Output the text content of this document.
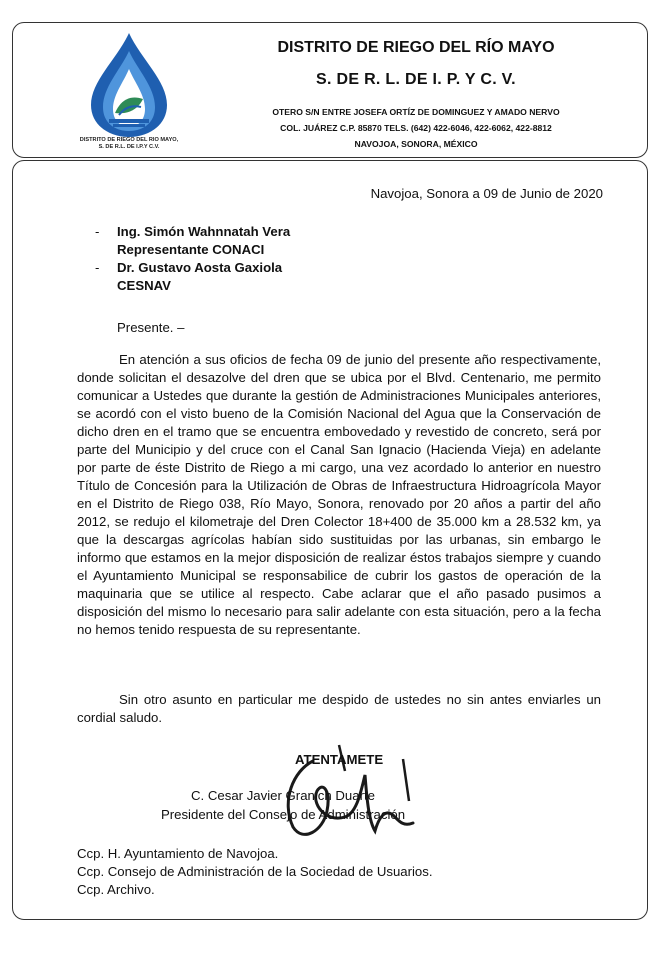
DISTRITO DE RIEGO DEL RIO MAYO,
S. DE R.L. DE I.P.Y C.V.
DISTRITO DE RIEGO DEL RÍO MAYO
S. DE R. L. DE I. P. Y C. V.
OTERO S/N ENTRE JOSEFA ORTÍZ DE DOMINGUEZ Y AMADO NERVO
COL. JUÁREZ C.P. 85870 TELS. (642) 422-6046, 422-6062, 422-8812
NAVOJOA, SONORA, MÉXICO
Navojoa, Sonora a 09 de Junio de 2020
- Ing. Simón Wahnnatah Vera
Representante CONACI
- Dr. Gustavo Aosta Gaxiola
CESNAV
Presente. –
En atención a sus oficios de fecha 09 de junio del presente año respectivamente, donde solicitan el desazolve del dren que se ubica por el Blvd. Centenario, me permito comunicar a Ustedes que durante la gestión de Administraciones Municipales anteriores, se acordó con el visto bueno de la Comisión Nacional del Agua que la Conservación de dicho dren en el tramo que se encuentra embovedado y revestido de concreto, será por parte del Municipio y del cruce con el Canal San Ignacio (Hacienda Vieja) en adelante por parte de éste Distrito de Riego a mi cargo, una vez acordado lo anterior en nuestro Título de Concesión para la Utilización de Obras de Infraestructura Hidroagrícola Mayor en el Distrito de Riego 038, Río Mayo, Sonora, renovado por 20 años a partir del año 2012, se redujo el kilometraje del Dren Colector 18+400 de 35.000 km a 28.532 km, ya que la descargas agrícolas habían sido sustituidas por las urbanas, sin embargo le informo que estamos en la mejor disposición de realizar éstos trabajos siempre y cuando el Ayuntamiento Municipal se responsabilice de cubrir los gastos de operación de la maquinaria que se utilice al respecto. Cabe aclarar que el año pasado pusimos a disposición del mismo lo necesario para salir adelante con esta situación, pero a la fecha no hemos tenido respuesta de su representante.
Sin otro asunto en particular me despido de ustedes no sin antes enviarles un cordial saludo.
ATENTAMETE
C. Cesar Javier Granich Duarte
Presidente del Consejo de Administración
Ccp. H. Ayuntamiento de Navojoa.
Ccp. Consejo de Administración de la Sociedad de Usuarios.
Ccp. Archivo.
